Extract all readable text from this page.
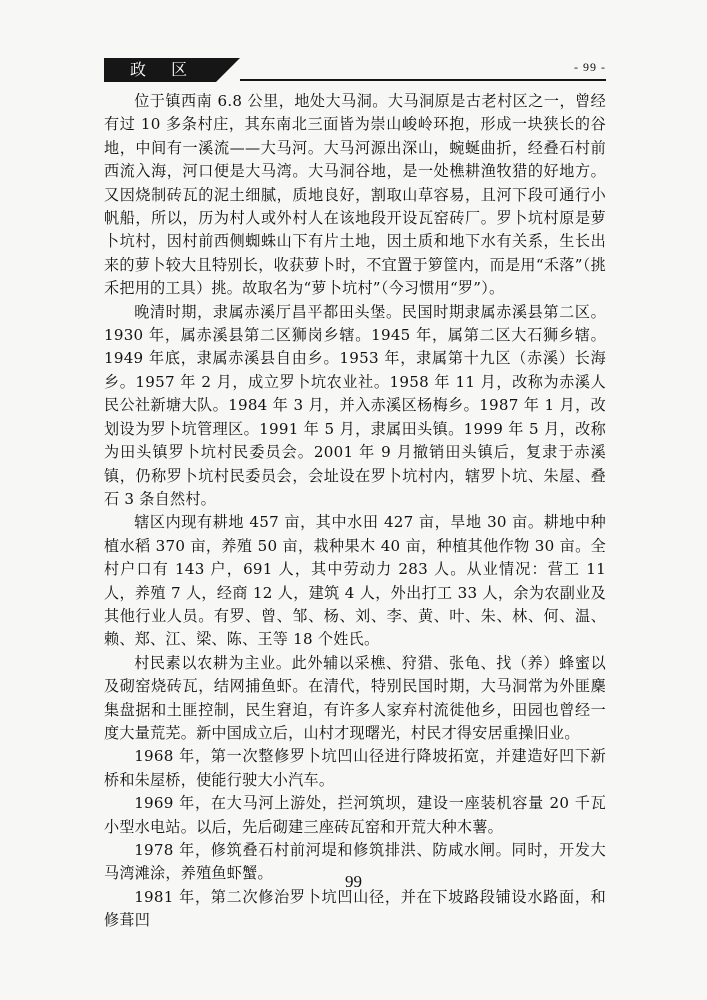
政 区	- 99 -

位于镇西南 6.8 公里，地处大马洞。大马洞原是古老村区之一，曾经有过 10 多条村庄，其东南北三面皆为崇山峻岭环抱，形成一块狭长的谷地，中间有一溪流——大马河。大马河源出深山，蜿蜒曲折，经叠石村前西流入海，河口便是大马湾。大马洞谷地，是一处樵耕渔牧猎的好地方。又因烧制砖瓦的泥土细腻，质地良好，割取山草容易，且河下段可通行小帆船，所以，历为村人或外村人在该地段开设瓦窑砖厂。罗卜坑村原是萝卜坑村，因村前西侧蜘蛛山下有片土地，因土质和地下水有关系，生长出来的萝卜较大且特别长，收获萝卜时，不宜置于箩筐内，而是用“禾落”（挑禾把用的工具）挑。故取名为“萝卜坑村”（今习惯用“罗”）。

晚清时期，隶属赤溪厅昌平都田头堡。民国时期隶属赤溪县第二区。1930 年，属赤溪县第二区狮岗乡辖。1945 年，属第二区大石狮乡辖。1949 年底，隶属赤溪县自由乡。1953 年，隶属第十九区（赤溪）长海乡。1957 年 2 月，成立罗卜坑农业社。1958 年 11 月，改称为赤溪人民公社新塘大队。1984 年 3 月，并入赤溪区杨梅乡。1987 年 1 月，改划设为罗卜坑管理区。1991 年 5 月，隶属田头镇。1999 年 5 月，改称为田头镇罗卜坑村民委员会。2001 年 9 月撤销田头镇后，复隶于赤溪镇，仍称罗卜坑村民委员会，会址设在罗卜坑村内，辖罗卜坑、朱屋、叠石 3 条自然村。

辖区内现有耕地 457 亩，其中水田 427 亩，旱地 30 亩。耕地中种植水稻 370 亩，养殖 50 亩，栽种果木 40 亩，种植其他作物 30 亩。全村户口有 143 户，691 人，其中劳动力 283 人。从业情况：营工 11 人，养殖 7 人，经商 12 人，建筑 4 人，外出打工 33 人，余为农副业及其他行业人员。有罗、曾、邹、杨、刘、李、黄、叶、朱、林、何、温、赖、郑、江、梁、陈、王等 18 个姓氏。

村民素以农耕为主业。此外辅以采樵、狩猎、张龟、找（养）蜂蜜以及砌窑烧砖瓦，结网捕鱼虾。在清代，特别民国时期，大马洞常为外匪麇集盘据和土匪控制，民生窘迫，有许多人家弃村流徙他乡，田园也曾经一度大量荒芜。新中国成立后，山村才现曙光，村民才得安居重操旧业。

1968 年，第一次整修罗卜坑凹山径进行降坡拓宽，并建造好凹下新桥和朱屋桥，使能行驶大小汽车。

1969 年，在大马河上游处，拦河筑坝，建设一座装机容量 20 千瓦小型水电站。以后，先后砌建三座砖瓦窑和开荒大种木薯。

1978 年，修筑叠石村前河堤和修筑排洪、防咸水闸。同时，开发大马湾滩涂，养殖鱼虾蟹。

1981 年，第二次修治罗卜坑凹山径，并在下坡路段铺设水路面，和修葺凹

99
